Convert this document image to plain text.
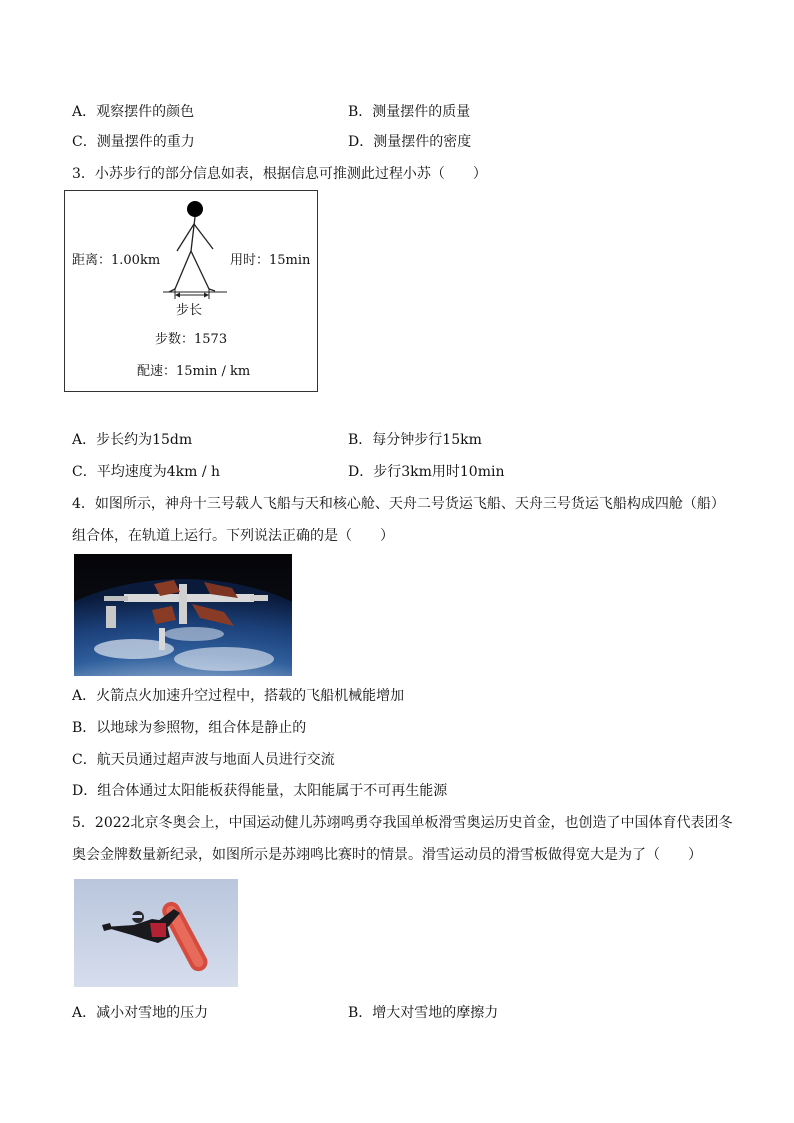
A．观察摆件的颜色	B．测量摆件的质量
C．测量摆件的重力	D．测量摆件的密度
3．小苏步行的部分信息如表，根据信息可推测此过程小苏（　　）
距离：1.00km	用时：15min
步长
步数：1573
配速：15min / km
A．步长约为15dm	B．每分钟步行15km
C．平均速度为4km / h	D．步行3km用时10min
4．如图所示，神舟十三号载人飞船与天和核心舱、天舟二号货运飞船、天舟三号货运飞船构成四舱（船）
组合体，在轨道上运行。下列说法正确的是（　　）
A．火箭点火加速升空过程中，搭载的飞船机械能增加
B．以地球为参照物，组合体是静止的
C．航天员通过超声波与地面人员进行交流
D．组合体通过太阳能板获得能量，太阳能属于不可再生能源
5．2022北京冬奥会上，中国运动健儿苏翊鸣勇夺我国单板滑雪奥运历史首金，也创造了中国体育代表团冬
奥会金牌数量新纪录，如图所示是苏翊鸣比赛时的情景。滑雪运动员的滑雪板做得宽大是为了（　　）
A．减小对雪地的压力	B．增大对雪地的摩擦力
